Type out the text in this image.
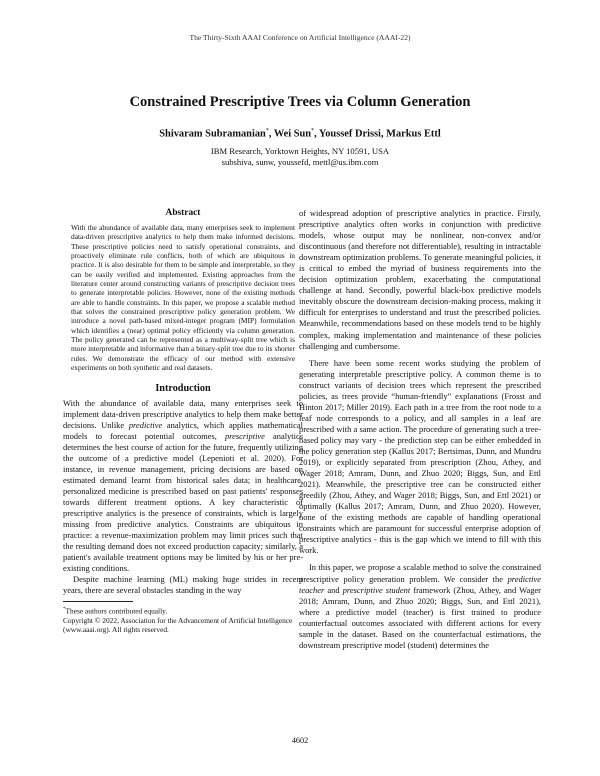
The Thirty-Sixth AAAI Conference on Artificial Intelligence (AAAI-22)
Constrained Prescriptive Trees via Column Generation
Shivaram Subramanian*, Wei Sun*, Youssef Drissi, Markus Ettl
IBM Research, Yorktown Heights, NY 10591, USA
subshiva, sunw, youssefd, mettl@us.ibm.com
Abstract

With the abundance of available data, many enterprises seek to implement data-driven prescriptive analytics to help them make informed decisions. These prescriptive policies need to satisfy operational constraints, and proactively eliminate rule conflicts, both of which are ubiquitous in practice. It is also desirable for them to be simple and interpretable, so they can be easily verified and implemented. Existing approaches from the literature center around constructing variants of prescriptive decision trees to generate interpretable policies. However, none of the existing methods are able to handle constraints. In this paper, we propose a scalable method that solves the constrained prescriptive policy generation problem. We introduce a novel path-based mixed-integer program (MIP) formulation which identifies a (near) optimal policy efficiently via column generation. The policy generated can be represented as a multiway-split tree which is more interpretable and informative than a binary-split tree due to its shorter rules. We demonstrate the efficacy of our method with extensive experiments on both synthetic and real datasets.

Introduction

With the abundance of available data, many enterprises seek to implement data-driven prescriptive analytics to help them make better decisions. Unlike predictive analytics, which applies mathematical models to forecast potential outcomes, prescriptive analytics determines the best course of action for the future, frequently utilizing the outcome of a predictive model (Lepenioti et al. 2020). For instance, in revenue management, pricing decisions are based on estimated demand learnt from historical sales data; in healthcare, personalized medicine is prescribed based on past patients' responses towards different treatment options. A key characteristic of prescriptive analytics is the presence of constraints, which is largely missing from predictive analytics. Constraints are ubiquitous in practice: a revenue-maximization problem may limit prices such that the resulting demand does not exceed production capacity; similarly, a patient's available treatment options may be limited by his or her pre-existing conditions.

Despite machine learning (ML) making huge strides in recent years, there are several obstacles standing in the way

*These authors contributed equally.

Copyright © 2022, Association for the Advancement of Artificial Intelligence (www.aaai.org). All rights reserved.

of widespread adoption of prescriptive analytics in practice. Firstly, prescriptive analytics often works in conjunction with predictive models, whose output may be nonlinear, non-convex and/or discontinuous (and therefore not differentiable), resulting in intractable downstream optimization problems. To generate meaningful policies, it is critical to embed the myriad of business requirements into the decision optimization problem, exacerbating the computational challenge at hand. Secondly, powerful black-box predictive models inevitably obscure the downstream decision-making process, making it difficult for enterprises to understand and trust the prescribed policies. Meanwhile, recommendations based on these models tend to be highly complex, making implementation and maintenance of these policies challenging and cumbersome.

There have been some recent works studying the problem of generating interpretable prescriptive policy. A common theme is to construct variants of decision trees which represent the prescribed policies, as trees provide “human-friendly” explanations (Frosst and Hinton 2017; Miller 2019). Each path in a tree from the root node to a leaf node corresponds to a policy, and all samples in a leaf are prescribed with a same action. The procedure of generating such a tree-based policy may vary - the prediction step can be either embedded in the policy generation step (Kallus 2017; Bertsimas, Dunn, and Mundru 2019), or explicitly separated from prescription (Zhou, Athey, and Wager 2018; Amram, Dunn, and Zhuo 2020; Biggs, Sun, and Ettl 2021). Meanwhile, the prescriptive tree can be constructed either greedily (Zhou, Athey, and Wager 2018; Biggs, Sun, and Ettl 2021) or optimally (Kallus 2017; Amram, Dunn, and Zhuo 2020). However, none of the existing methods are capable of handling operational constraints which are paramount for successful enterprise adoption of prescriptive analytics - this is the gap which we intend to fill with this work.

In this paper, we propose a scalable method to solve the constrained prescriptive policy generation problem. We consider the predictive teacher and prescriptive student framework (Zhou, Athey, and Wager 2018; Amram, Dunn, and Zhuo 2020; Biggs, Sun, and Ettl 2021), where a predictive model (teacher) is first trained to produce counterfactual outcomes associated with different actions for every sample in the dataset. Based on the counterfactual estimations, the downstream prescriptive model (student) determines the

4602
